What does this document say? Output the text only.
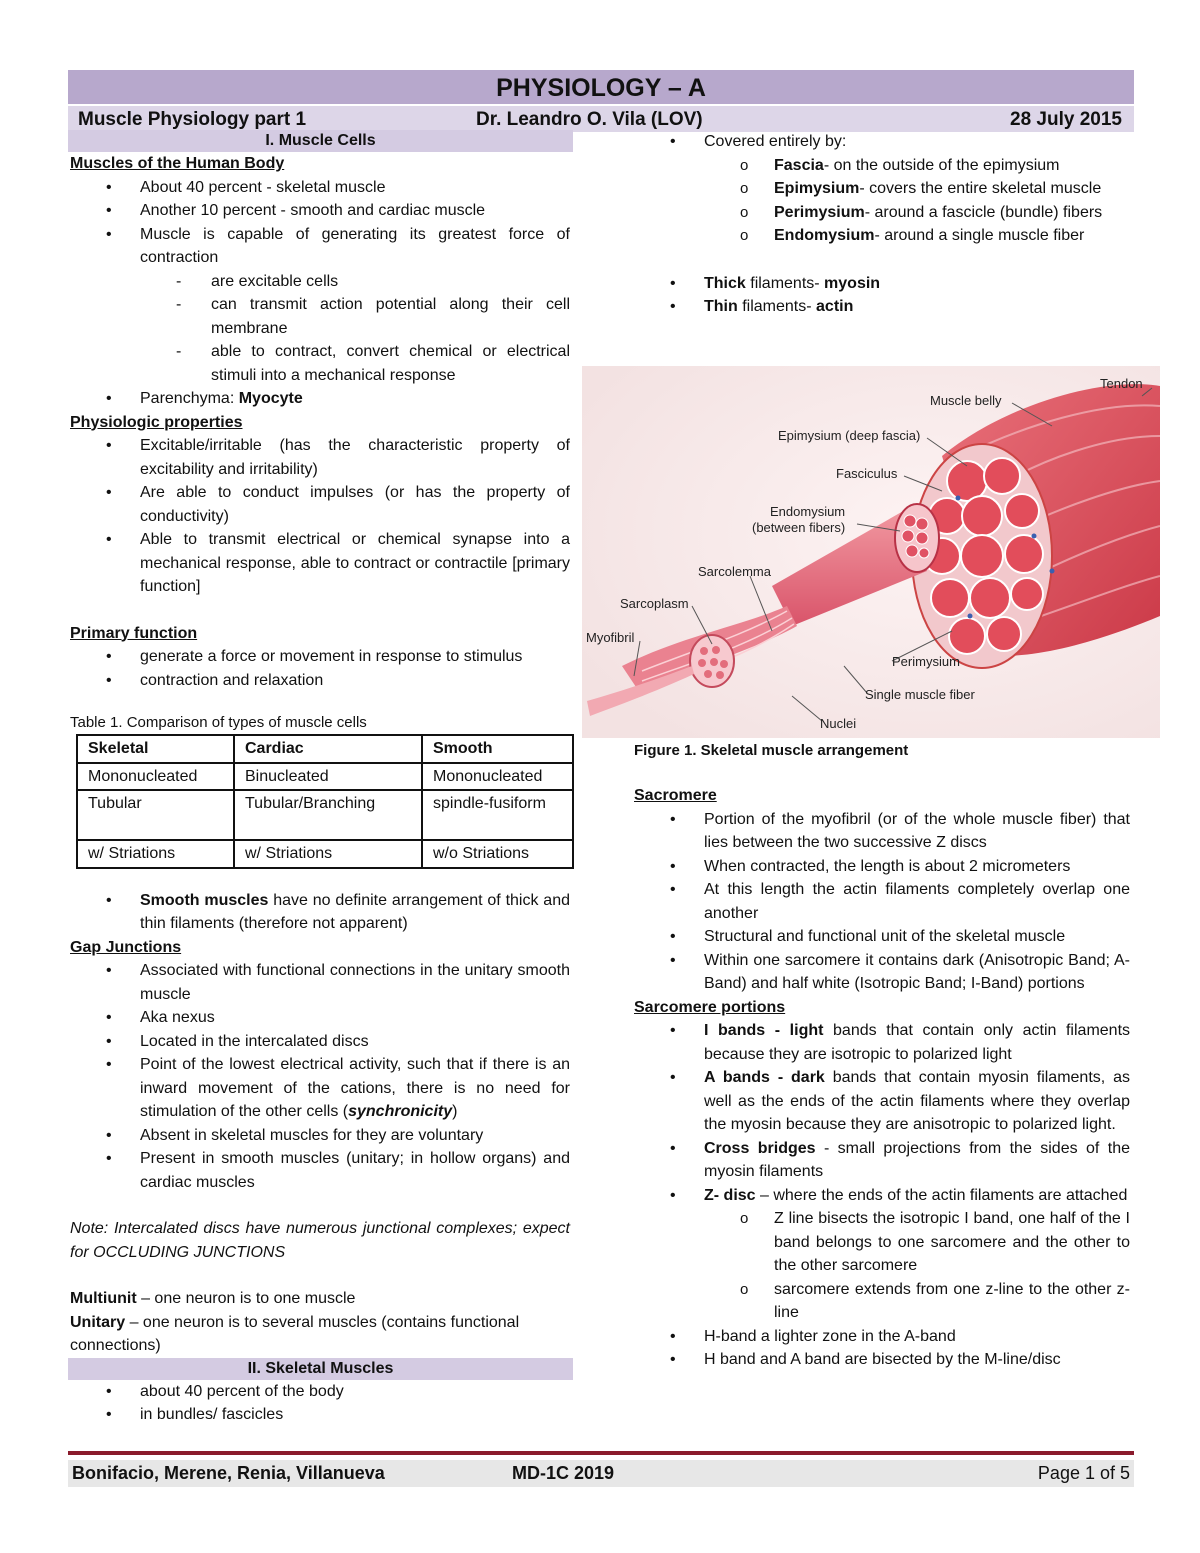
PHYSIOLOGY – A
Muscle Physiology part 1	Dr. Leandro O. Vila (LOV)	28 July 2015
I. Muscle Cells

Muscles of the Human Body

• About 40 percent - skeletal muscle
• Another 10 percent - smooth and cardiac muscle
• Muscle is capable of generating its greatest force of contraction
- are excitable cells
- can transmit action potential along their cell membrane
- able to contract, convert chemical or electrical stimuli into a mechanical response
• Parenchyma: Myocyte

Physiologic properties

• Excitable/irritable (has the characteristic property of excitability and irritability)
• Are able to conduct impulses (or has the property of conductivity)
• Able to transmit electrical or chemical synapse into a mechanical response, able to contract or contractile [primary function]

Primary function

• generate a force or movement in response to stimulus
• contraction and relaxation

Table 1. Comparison of types of muscle cells

Skeletal	Cardiac	Smooth
Mononucleated	Binucleated	Mononucleated
Tubular	Tubular/Branching	spindle-fusiform
w/ Striations	w/ Striations	w/o Striations
• Smooth muscles have no definite arrangement of thick and thin filaments (therefore not apparent)

Gap Junctions

• Associated with functional connections in the unitary smooth muscle
• Aka nexus
• Located in the intercalated discs
• Point of the lowest electrical activity, such that if there is an inward movement of the cations, there is no need for stimulation of the other cells (synchronicity)
• Absent in skeletal muscles for they are voluntary
• Present in smooth muscles (unitary; in hollow organs) and cardiac muscles

Note: Intercalated discs have numerous junctional complexes; expect for OCCLUDING JUNCTIONS

Multiunit – one neuron is to one muscle

Unitary – one neuron is to several muscles (contains functional connections)

II. Skeletal Muscles
• about 40 percent of the body
• in bundles/ fascicles
• Covered entirely by:
o Fascia- on the outside of the epimysium
o Epimysium- covers the entire skeletal muscle
o Perimysium- around a fascicle (bundle) fibers
o Endomysium- around a single muscle fiber
• Thick filaments- myosin
• Thin filaments- actin
Tendon
Muscle belly
Epimysium (deep fascia)
Fasciculus
Endomysium
(between fibers)
Sarcolemma
Sarcoplasm
Myofibril
Perimysium
Single muscle fiber
Nuclei

Figure 1. Skeletal muscle arrangement

Sacromere

• Portion of the myofibril (or of the whole muscle fiber) that lies between the two successive Z discs
• When contracted, the length is about 2 micrometers
• At this length the actin filaments completely overlap one another
• Structural and functional unit of the skeletal muscle
• Within one sarcomere it contains dark (Anisotropic Band; A-Band) and half white (Isotropic Band; I-Band) portions

Sarcomere portions

• I bands - light bands that contain only actin filaments because they are isotropic to polarized light
• A bands - dark bands that contain myosin filaments, as well as the ends of the actin filaments where they overlap the myosin because they are anisotropic to polarized light.
• Cross bridges - small projections from the sides of the myosin filaments
• Z- disc – where the ends of the actin filaments are attached
o Z line bisects the isotropic I band, one half of the I band belongs to one sarcomere and the other to the other sarcomere
o sarcomere extends from one z-line to the other z-line
• H-band a lighter zone in the A-band
• H band and A band are bisected by the M-line/disc
Bonifacio, Merene, Renia, Villanueva	MD-1C 2019	Page 1 of 5
